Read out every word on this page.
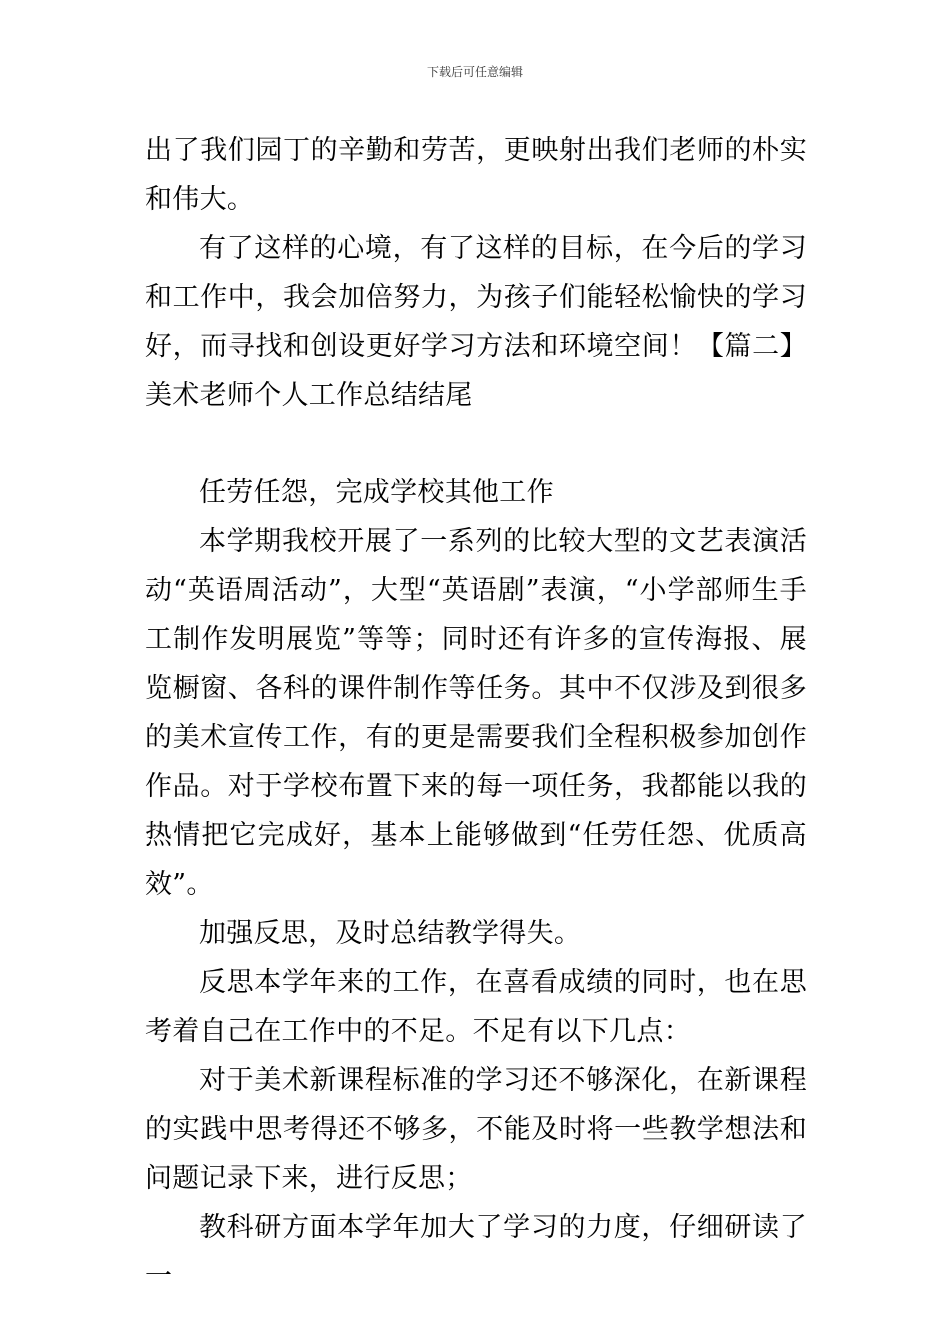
下载后可任意编辑

出了我们园丁的辛勤和劳苦，更映射出我们老师的朴实和伟大。

有了这样的心境，有了这样的目标，在今后的学习和工作中，我会加倍努力，为孩子们能轻松愉快的学习好，而寻找和创设更好学习方法和环境空间！【篇二】美术老师个人工作总结结尾

任劳任怨，完成学校其他工作

本学期我校开展了一系列的比较大型的文艺表演活动“英语周活动”，大型“英语剧”表演，“小学部师生手工制作发明展览”等等；同时还有许多的宣传海报、展览橱窗、各科的课件制作等任务。其中不仅涉及到很多的美术宣传工作，有的更是需要我们全程积极参加创作作品。对于学校布置下来的每一项任务，我都能以我的热情把它完成好，基本上能够做到“任劳任怨、优质高效”。

加强反思，及时总结教学得失。

反思本学年来的工作，在喜看成绩的同时，也在思考着自己在工作中的不足。不足有以下几点：

对于美术新课程标准的学习还不够深化，在新课程的实践中思考得还不够多，不能及时将一些教学想法和问题记录下来，进行反思；

教科研方面本学年加大了学习的力度，仔细研读了一
